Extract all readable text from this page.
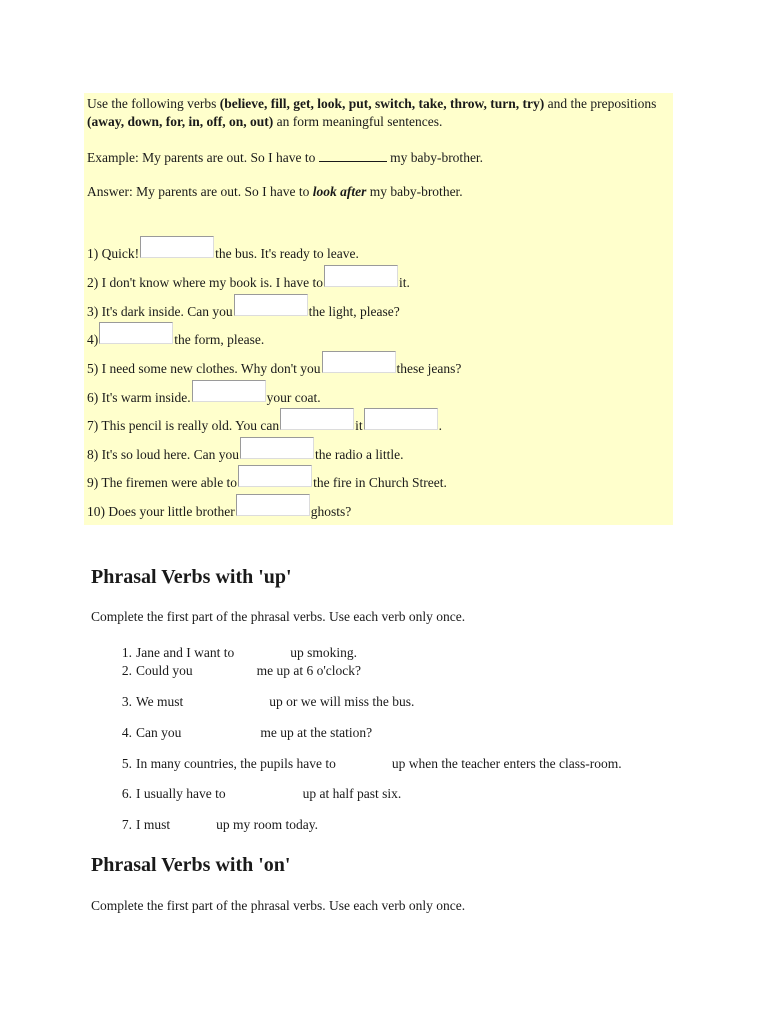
Use the following verbs (believe, fill, get, look, put, switch, take, throw, turn, try) and the prepositions (away, down, for, in, off, on, out) an form meaningful sentences.
Example: My parents are out. So I have to	my baby-brother.
Answer: My parents are out. So I have to look after my baby-brother.
1) Quick!	the bus. It's ready to leave.
2) I don't know where my book is. I have to	it.
3) It's dark inside. Can you	the light, please?
4)	the form, please.
5) I need some new clothes. Why don't you	these jeans?
6) It's warm inside.	your coat.
7) This pencil is really old. You can	it	.
8) It's so loud here. Can you	the radio a little.
9) The firemen were able to	the fire in Church Street.
10) Does your little brother	ghosts?
Phrasal Verbs with 'up'
Complete the first part of the phrasal verbs. Use each verb only once.
1. Jane and I want to	up smoking.
2. Could you	me up at 6 o'clock?
3. We must	up or we will miss the bus.
4. Can you	me up at the station?
5. In many countries, the pupils have to	up when the teacher enters the class-room.
6. I usually have to	up at half past six.
7. I must	up my room today.
Phrasal Verbs with 'on'
Complete the first part of the phrasal verbs. Use each verb only once.
